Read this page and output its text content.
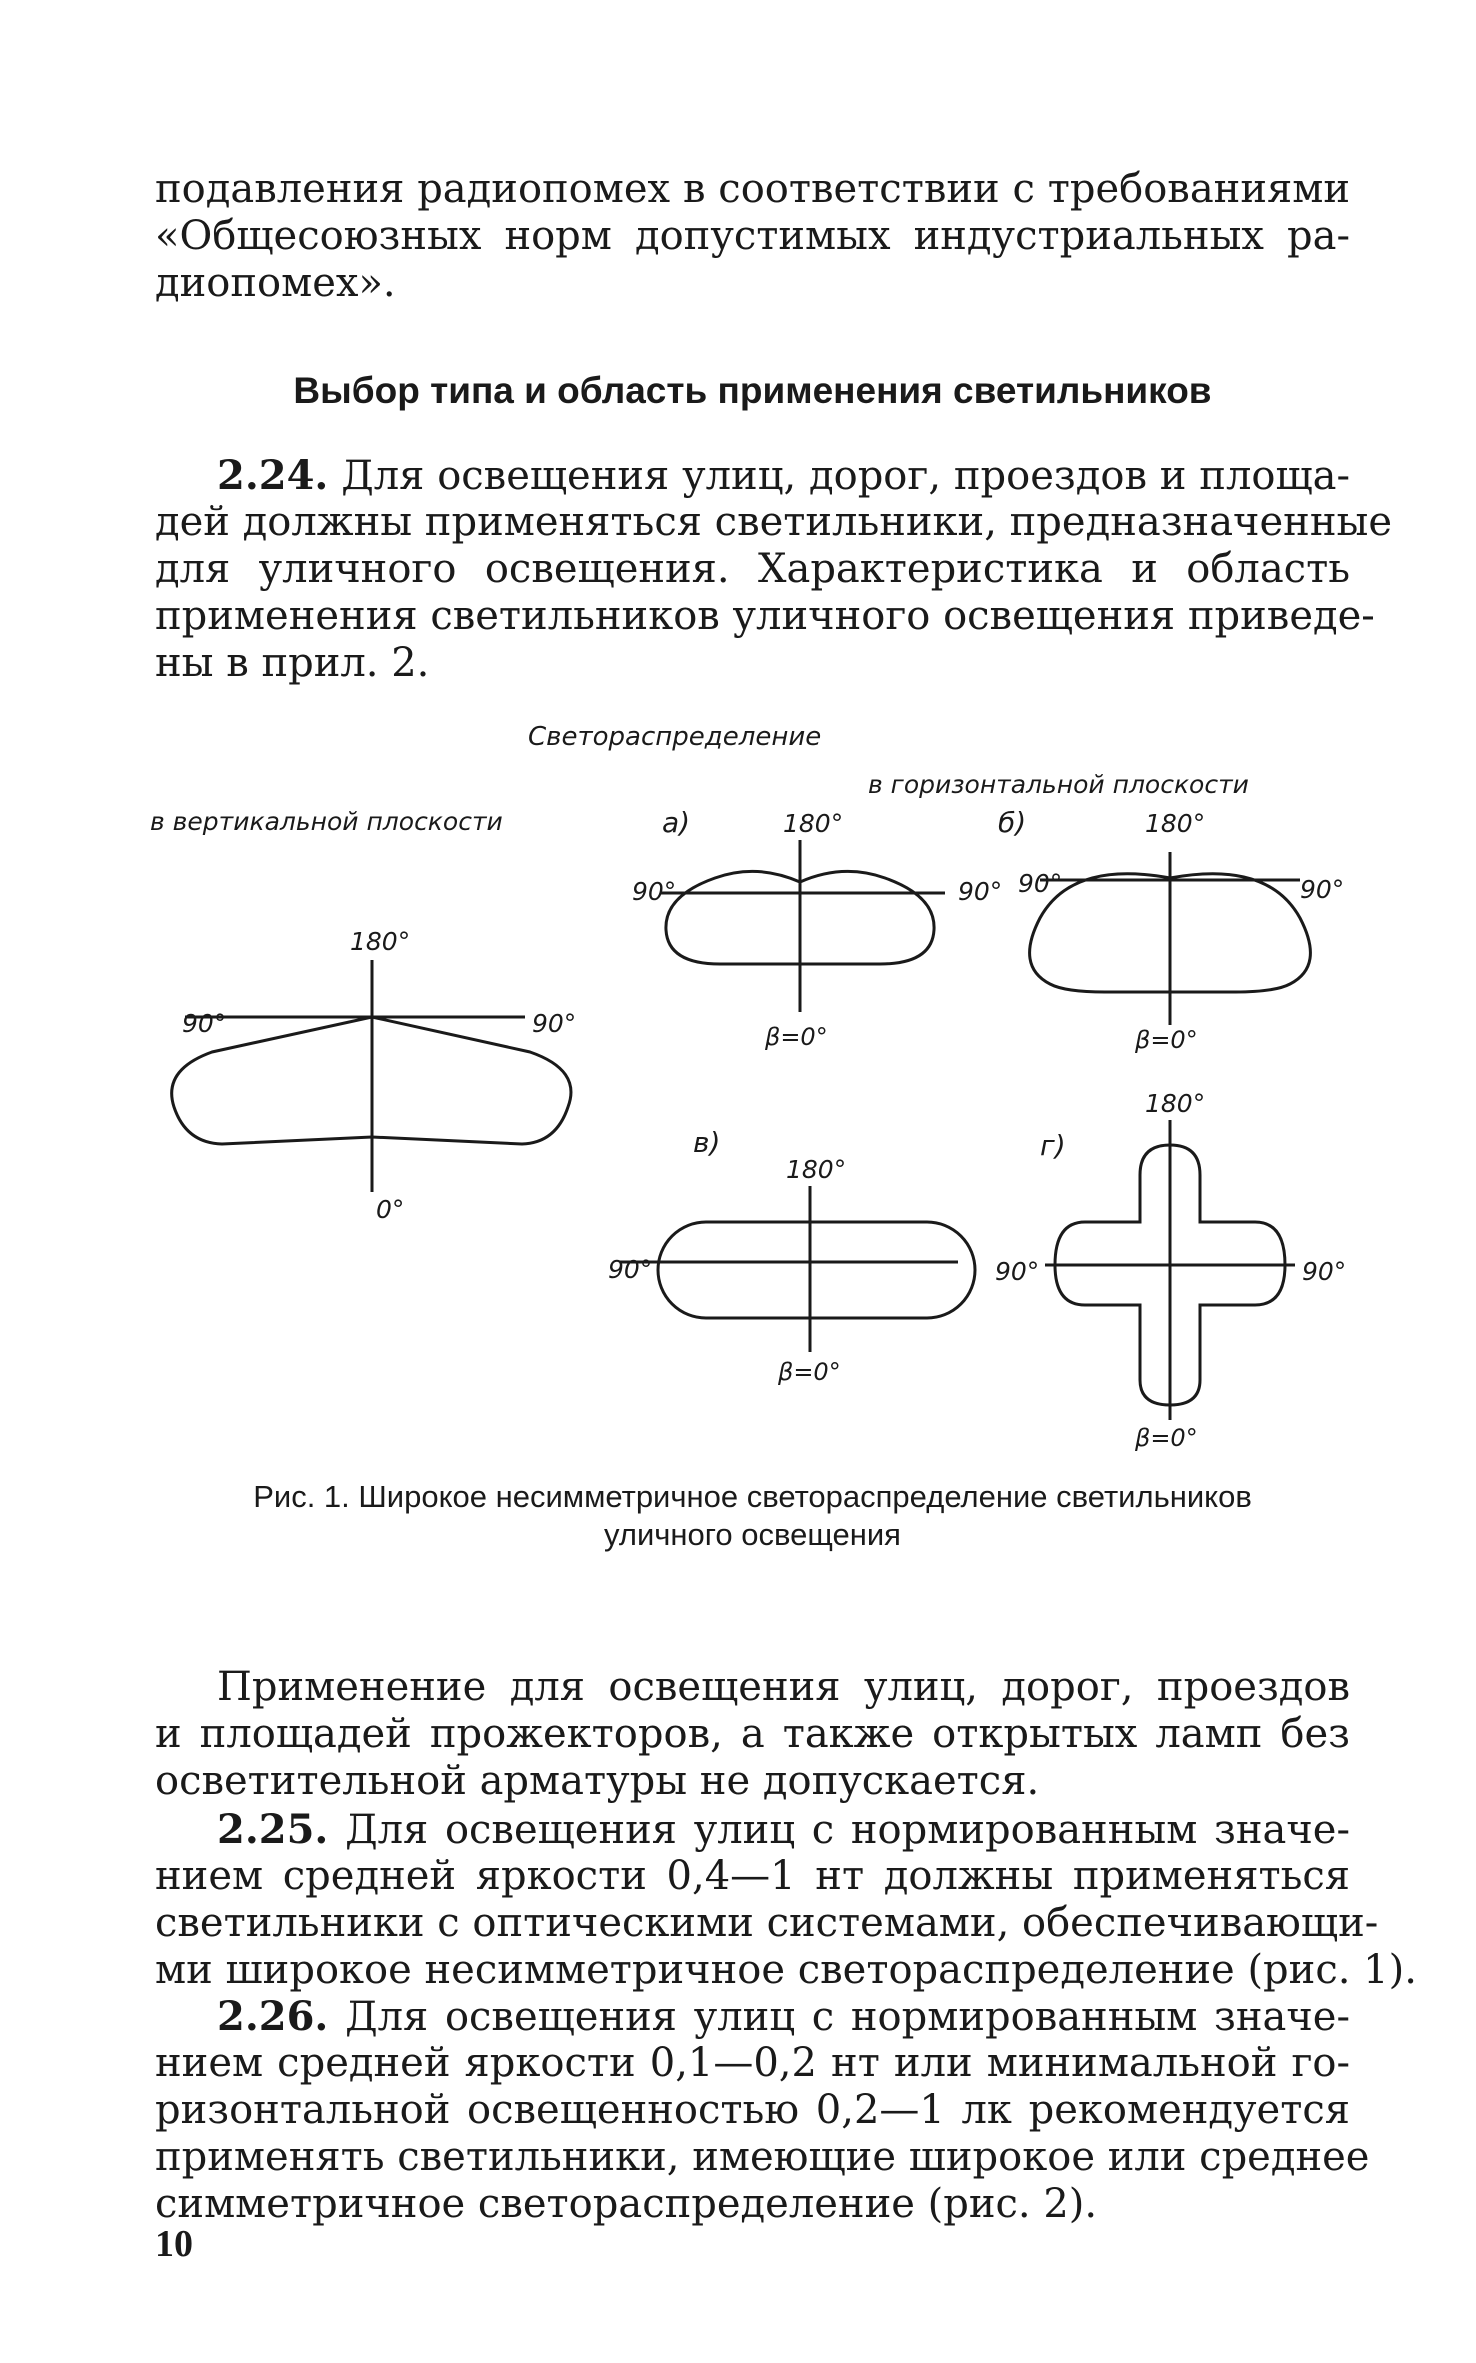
подавления радиопомех в соответствии с требованиями
«Общесоюзных норм допустимых индустриальных ра-
диопомех».
Выбор типа и область применения светильников
2.24. Для освещения улиц, дорог, проездов и площа-
дей должны применяться светильники, предназначенные
для уличного освещения. Характеристика и область
применения светильников уличного освещения приведе-
ны в прил. 2.
Светораспределение
в горизонтальной плоскости
в вертикальной плоскости	а)	б)
в)	г)
180°
90°	90°
0°
180°
90°	90°
β=0°
180°
90°	90°
β=0°
180°
90°
β=0°
180°
90°	90°
β=0°
Рис. 1. Широкое несимметричное светораспределение светильников
уличного освещения
Применение для освещения улиц, дорог, проездов
и площадей прожекторов, а также открытых ламп без
осветительной арматуры не допускается.
2.25. Для освещения улиц с нормированным значе-
нием средней яркости 0,4—1 нт должны применяться
светильники с оптическими системами, обеспечивающи-
ми широкое несимметричное светораспределение (рис. 1).
2.26. Для освещения улиц с нормированным значе-
нием средней яркости 0,1—0,2 нт или минимальной го-
ризонтальной освещенностью 0,2—1 лк рекомендуется
применять светильники, имеющие широкое или среднее
симметричное светораспределение (рис. 2).
10
